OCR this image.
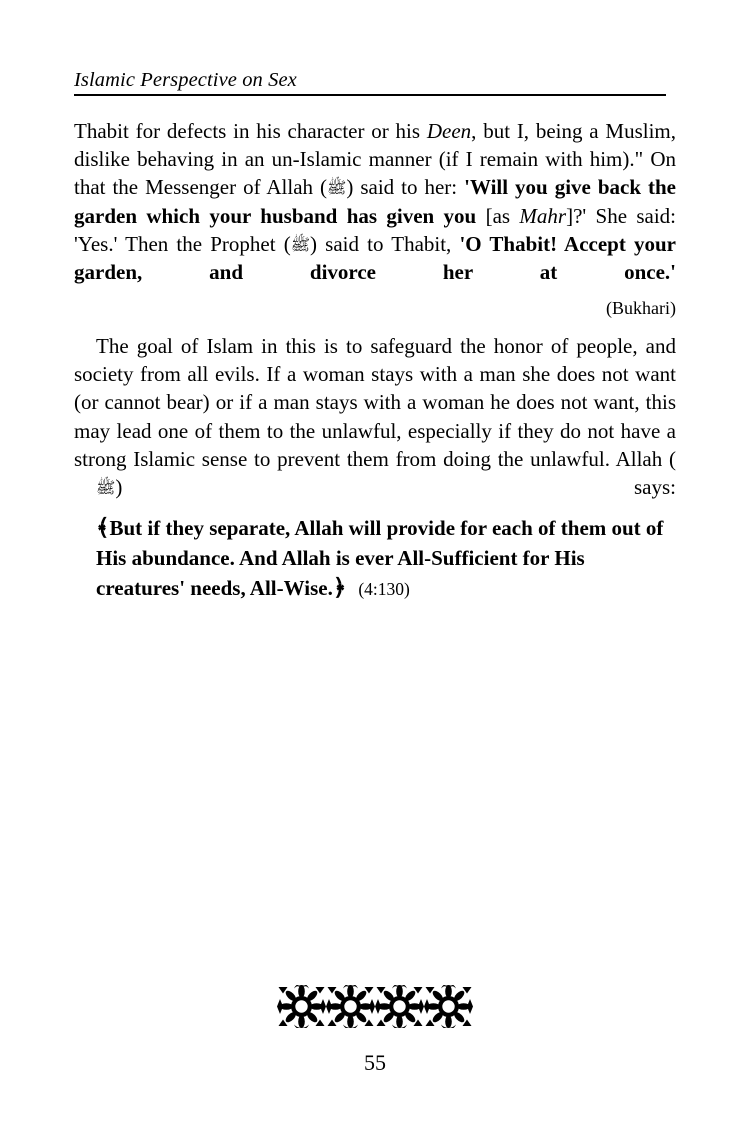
Islamic Perspective on Sex

Thabit for defects in his character or his Deen, but I, being a Muslim, dislike behaving in an un-Islamic manner (if I remain with him)." On that the Messenger of Allah (ﷺ) said to her: 'Will you give back the garden which your husband has given you [as Mahr]?' She said: 'Yes.' Then the Prophet (ﷺ) said to Thabit, 'O Thabit! Accept your garden, and divorce her at once.'

(Bukhari)

The goal of Islam in this is to safeguard the honor of people, and society from all evils. If a woman stays with a man she does not want (or cannot bear) or if a man stays with a woman he does not want, this may lead one of them to the unlawful, especially if they do not have a strong Islamic sense to prevent them from doing the unlawful. Allah (ﷺ) says:

﴾But if they separate, Allah will provide for each of them out of His abundance. And Allah is ever All-Sufficient for His creatures' needs, All-Wise.﴿ (4:130)
55
